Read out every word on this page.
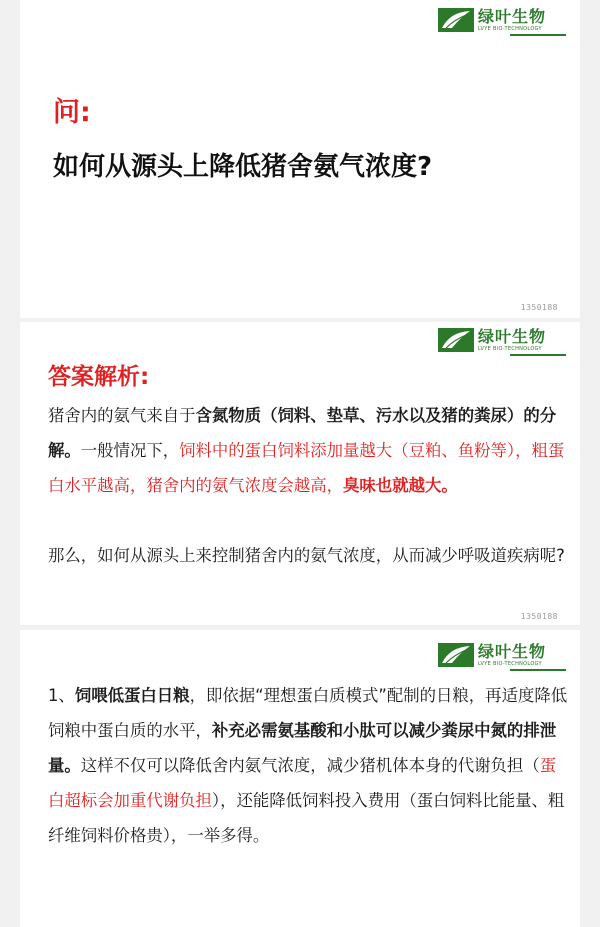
绿叶生物
LVYE BIO-TECHNOLOGY
问:
如何从源头上降低猪舍氨气浓度?
1350188
绿叶生物
LVYE BIO-TECHNOLOGY
答案解析:
猪舍内的氨气来自于含氮物质（饲料、垫草、污水以及猪的粪尿）的分解。一般情况下，饲料中的蛋白饲料添加量越大（豆粕、鱼粉等），粗蛋白水平越高，猪舍内的氨气浓度会越高，臭味也就越大。
那么，如何从源头上来控制猪舍内的氨气浓度，从而减少呼吸道疾病呢?
1350188
绿叶生物
LVYE BIO-TECHNOLOGY
1、饲喂低蛋白日粮，即依据“理想蛋白质模式”配制的日粮，再适度降低饲粮中蛋白质的水平，补充必需氨基酸和小肽可以减少粪尿中氮的排泄量。这样不仅可以降低舍内氨气浓度，减少猪机体本身的代谢负担（蛋白超标会加重代谢负担），还能降低饲料投入费用（蛋白饲料比能量、粗纤维饲料价格贵），一举多得。
